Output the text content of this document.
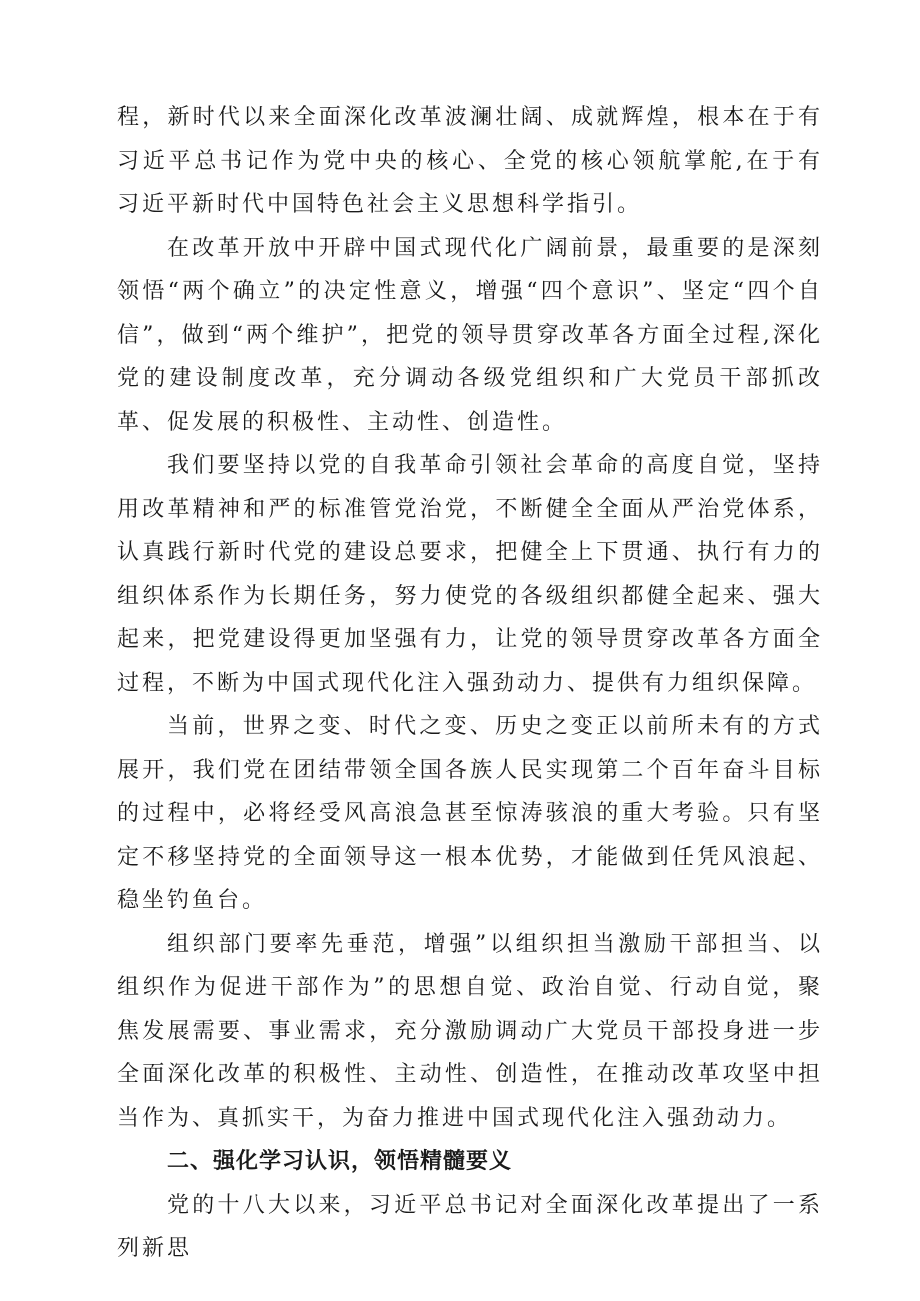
程，新时代以来全面深化改革波澜壮阔、成就辉煌，根本在于有习近平总书记作为党中央的核心、全党的核心领航掌舵,在于有习近平新时代中国特色社会主义思想科学指引。

在改革开放中开辟中国式现代化广阔前景，最重要的是深刻领悟“两个确立”的决定性意义，增强“四个意识”、坚定“四个自信”，做到“两个维护”，把党的领导贯穿改革各方面全过程,深化党的建设制度改革，充分调动各级党组织和广大党员干部抓改革、促发展的积极性、主动性、创造性。

我们要坚持以党的自我革命引领社会革命的高度自觉，坚持用改革精神和严的标准管党治党，不断健全全面从严治党体系，认真践行新时代党的建设总要求，把健全上下贯通、执行有力的组织体系作为长期任务，努力使党的各级组织都健全起来、强大起来，把党建设得更加坚强有力，让党的领导贯穿改革各方面全过程，不断为中国式现代化注入强劲动力、提供有力组织保障。

当前，世界之变、时代之变、历史之变正以前所未有的方式展开，我们党在团结带领全国各族人民实现第二个百年奋斗目标的过程中，必将经受风高浪急甚至惊涛骇浪的重大考验。只有坚定不移坚持党的全面领导这一根本优势，才能做到任凭风浪起、稳坐钓鱼台。

组织部门要率先垂范，增强”以组织担当激励干部担当、以组织作为促进干部作为”的思想自觉、政治自觉、行动自觉，聚焦发展需要、事业需求，充分激励调动广大党员干部投身进一步全面深化改革的积极性、主动性、创造性，在推动改革攻坚中担当作为、真抓实干，为奋力推进中国式现代化注入强劲动力。

二、强化学习认识，领悟精髓要义

党的十八大以来，习近平总书记对全面深化改革提出了一系列新思
